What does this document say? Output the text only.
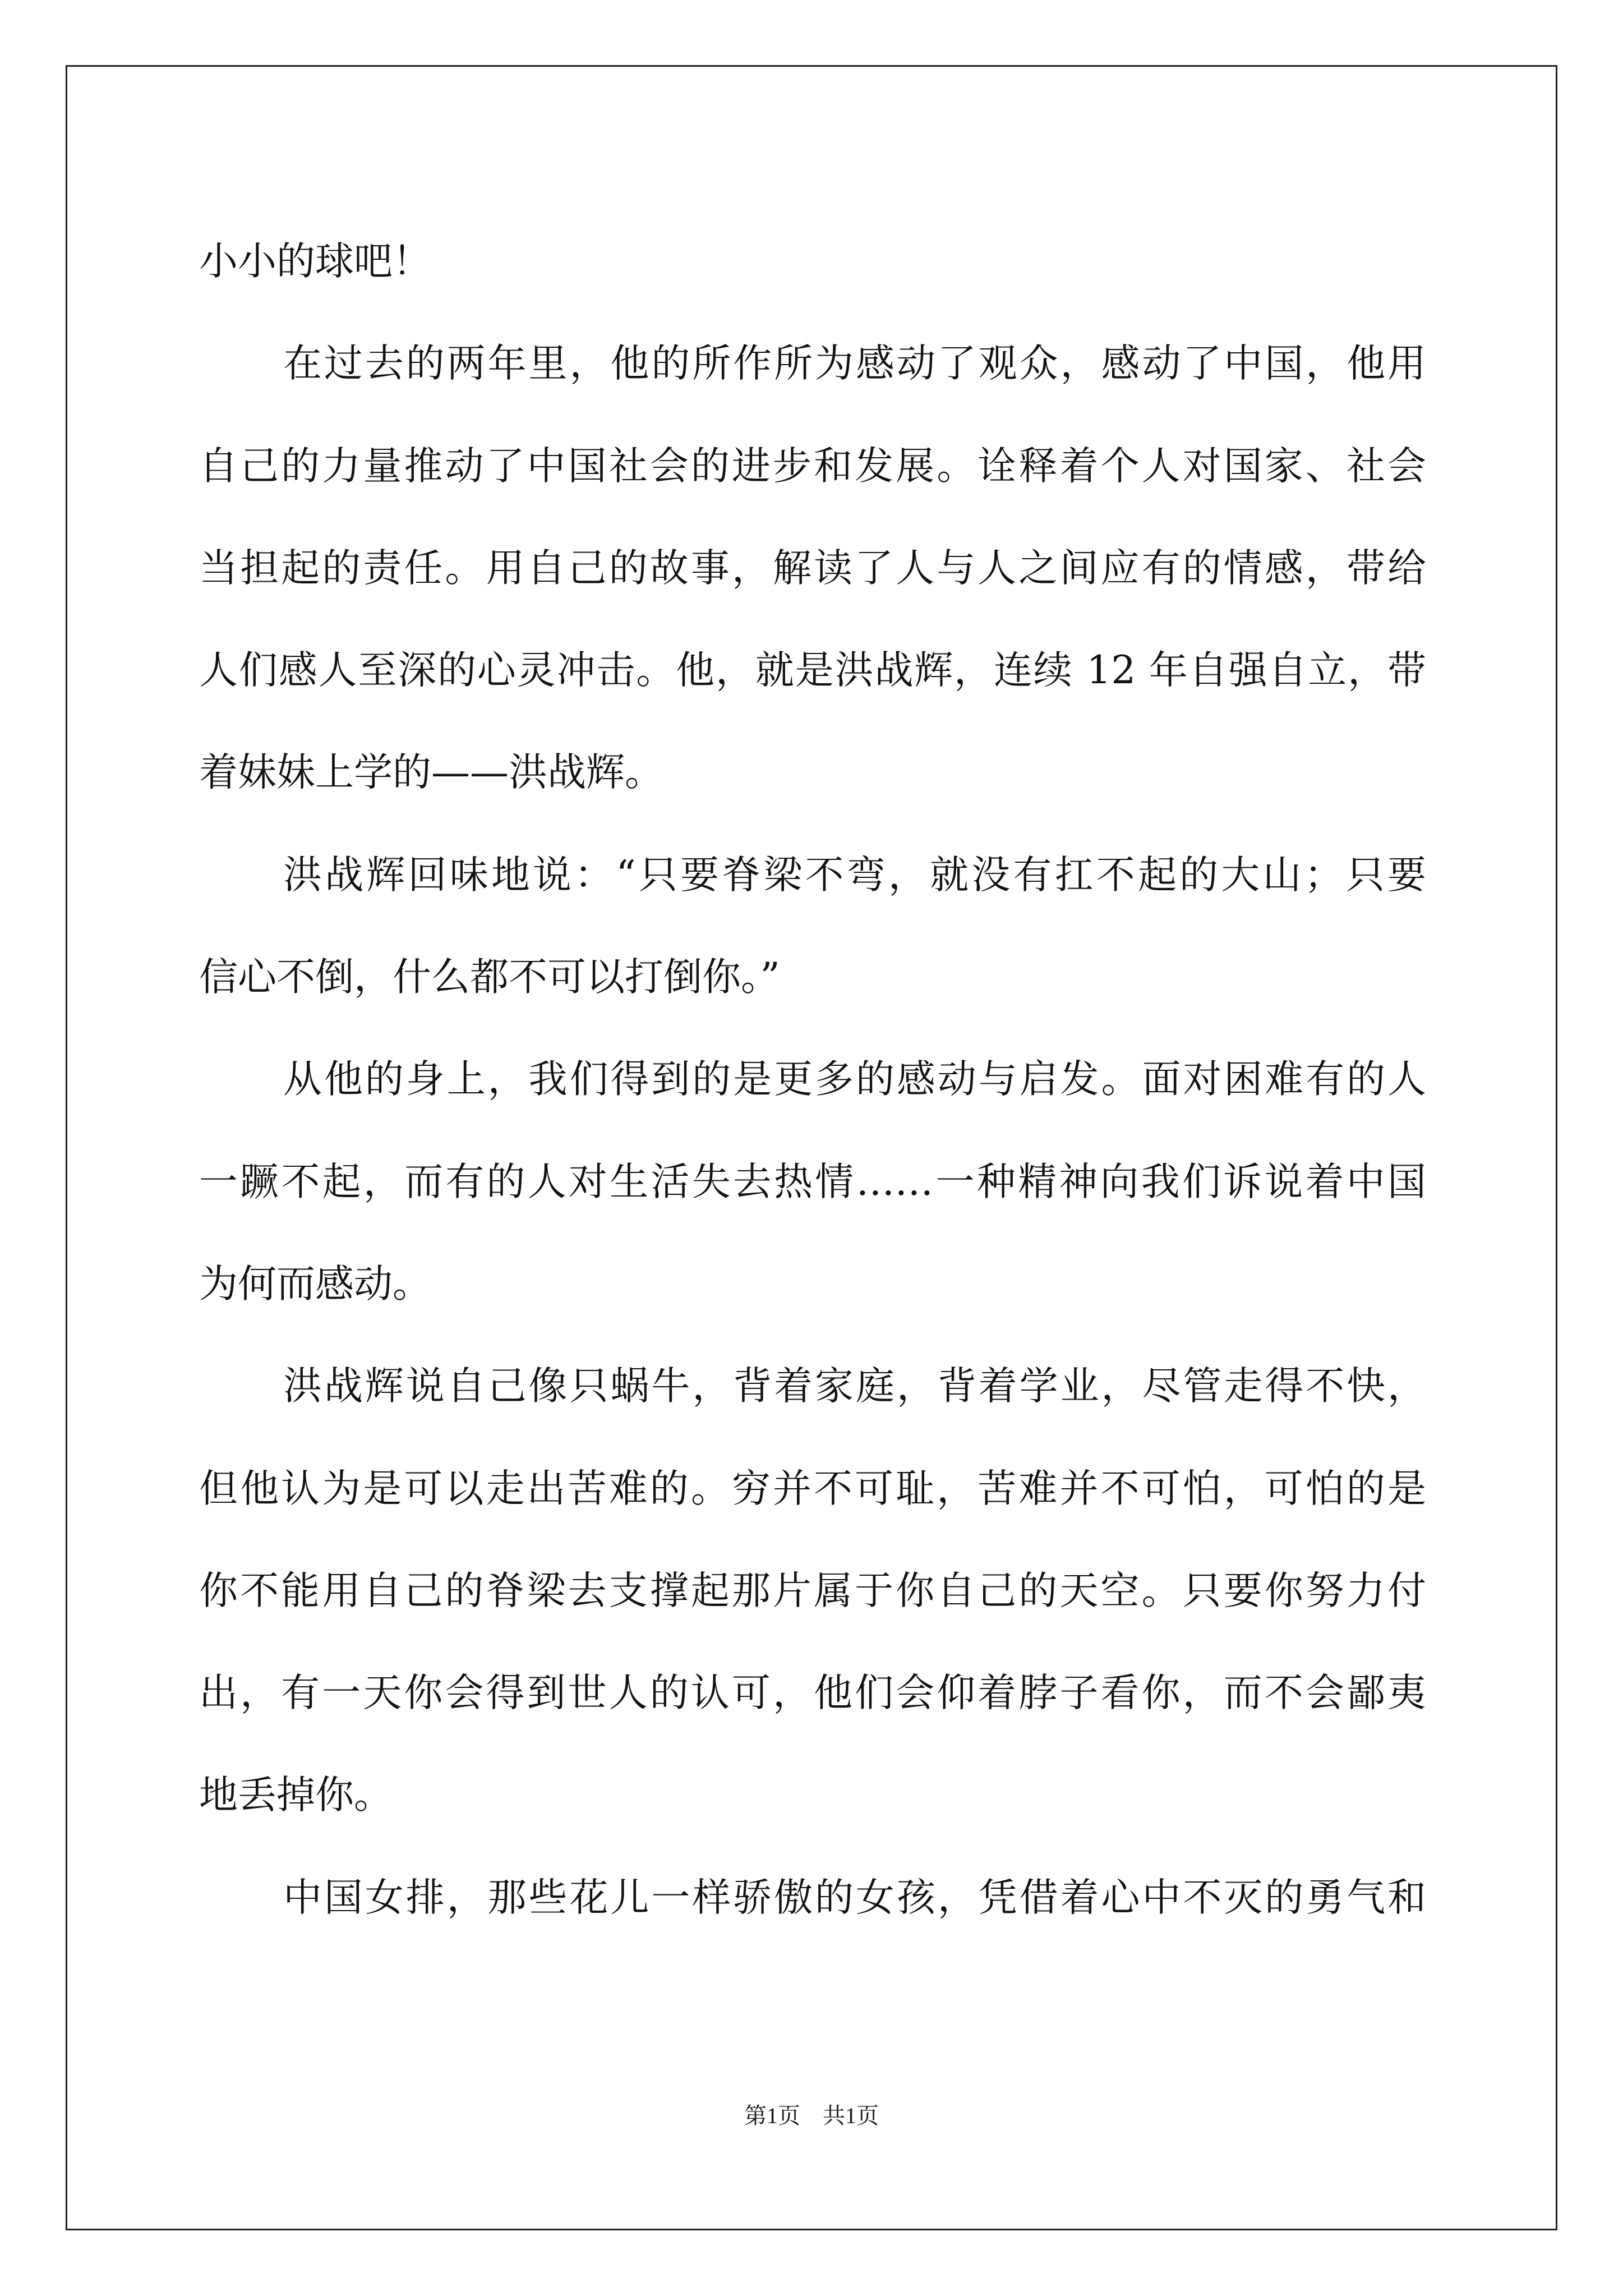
小小的球吧！
在过去的两年里，他的所作所为感动了观众，感动了中国，他用
自己的力量推动了中国社会的进步和发展。诠释着个人对国家、社会
当担起的责任。用自己的故事，解读了人与人之间应有的情感，带给
人们感人至深的心灵冲击。他，就是洪战辉，连续 12 年自强自立，带
着妹妹上学的——洪战辉。
洪战辉回味地说：“只要脊梁不弯，就没有扛不起的大山；只要
信心不倒，什么都不可以打倒你。”
从他的身上，我们得到的是更多的感动与启发。面对困难有的人
一蹶不起，而有的人对生活失去热情……一种精神向我们诉说着中国
为何而感动。
洪战辉说自己像只蜗牛，背着家庭，背着学业，尽管走得不快，
但他认为是可以走出苦难的。穷并不可耻，苦难并不可怕，可怕的是
你不能用自己的脊梁去支撑起那片属于你自己的天空。只要你努力付
出，有一天你会得到世人的认可，他们会仰着脖子看你，而不会鄙夷
地丢掉你。
中国女排，那些花儿一样骄傲的女孩，凭借着心中不灭的勇气和
第1页 共1页
